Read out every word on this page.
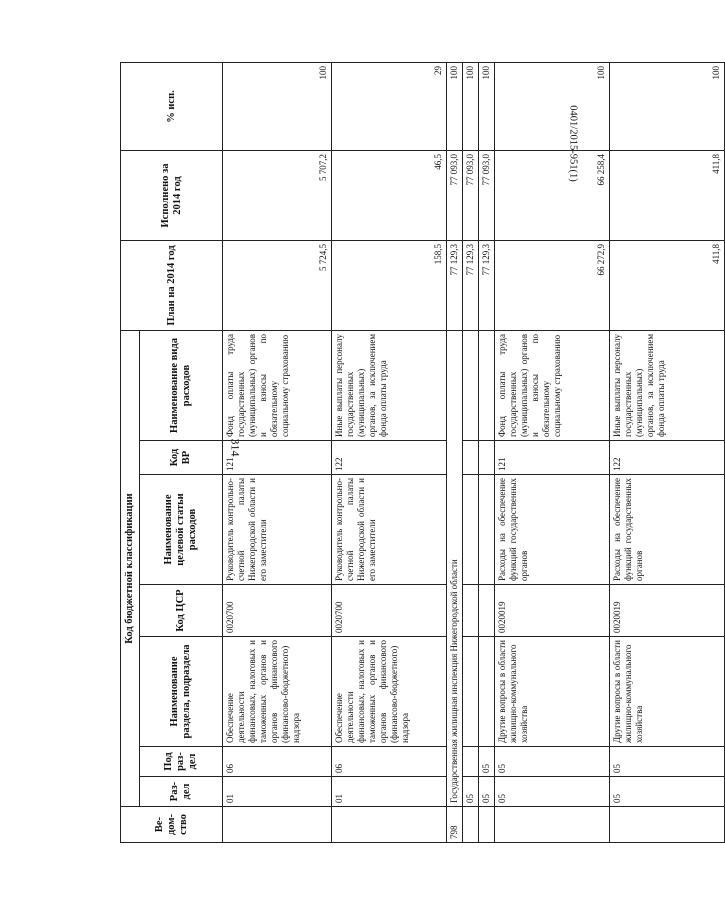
314
0401/2015-951(1)
Ве-дом-ство	Код бюджетной классификации							План на 2014 год	Исполнено за 2014 год	% исп.
	Раз-дел	Под раз-дел	Наименование раздела, подраздела	Код ЦСР	Наименование целевой статьи расходов	Код ВР	Наименование вида расходов			
	01	06	Обеспечение деятельности финансовых, налоговых и таможенных органов и органов финансового (финансово-бюджетного) надзора	0020700	Руководитель контрольно-счетной палаты Нижегородской области и его заместители	121	Фонд оплаты труда государственных (муниципальных) органов и взносы по обязательному социальному страхованию	5 724,5	5 707,2	100
	01	06	Обеспечение деятельности финансовых, налоговых и таможенных органов и органов финансового (финансово-бюджетного) надзора	0020700	Руководитель контрольно-счетной палаты Нижегородской области и его заместители	122	Иные выплаты персоналу государственных (муниципальных) органов, за исключением фонда оплаты труда	158,5	46,5	29
798	Государственная жилищная инспекция Нижегородской области							77 129,3	77 093,0	100
	05							77 129,3	77 093,0	100
	05	05						77 129,3	77 093,0	100
	05	05	Другие вопросы в области жилищно-коммунального хозяйства	0020019	Расходы на обеспечение функций государственных органов	121	Фонд оплаты труда государственных (муниципальных) органов и взносы по обязательному социальному страхованию	66 272,9	66 258,4	100
	05	05	Другие вопросы в области жилищно-коммунального хозяйства	0020019	Расходы на обеспечение функций государственных органов	122	Иные выплаты персоналу государственных (муниципальных) органов, за исключением фонда оплаты труда	411,8	411,8	100
